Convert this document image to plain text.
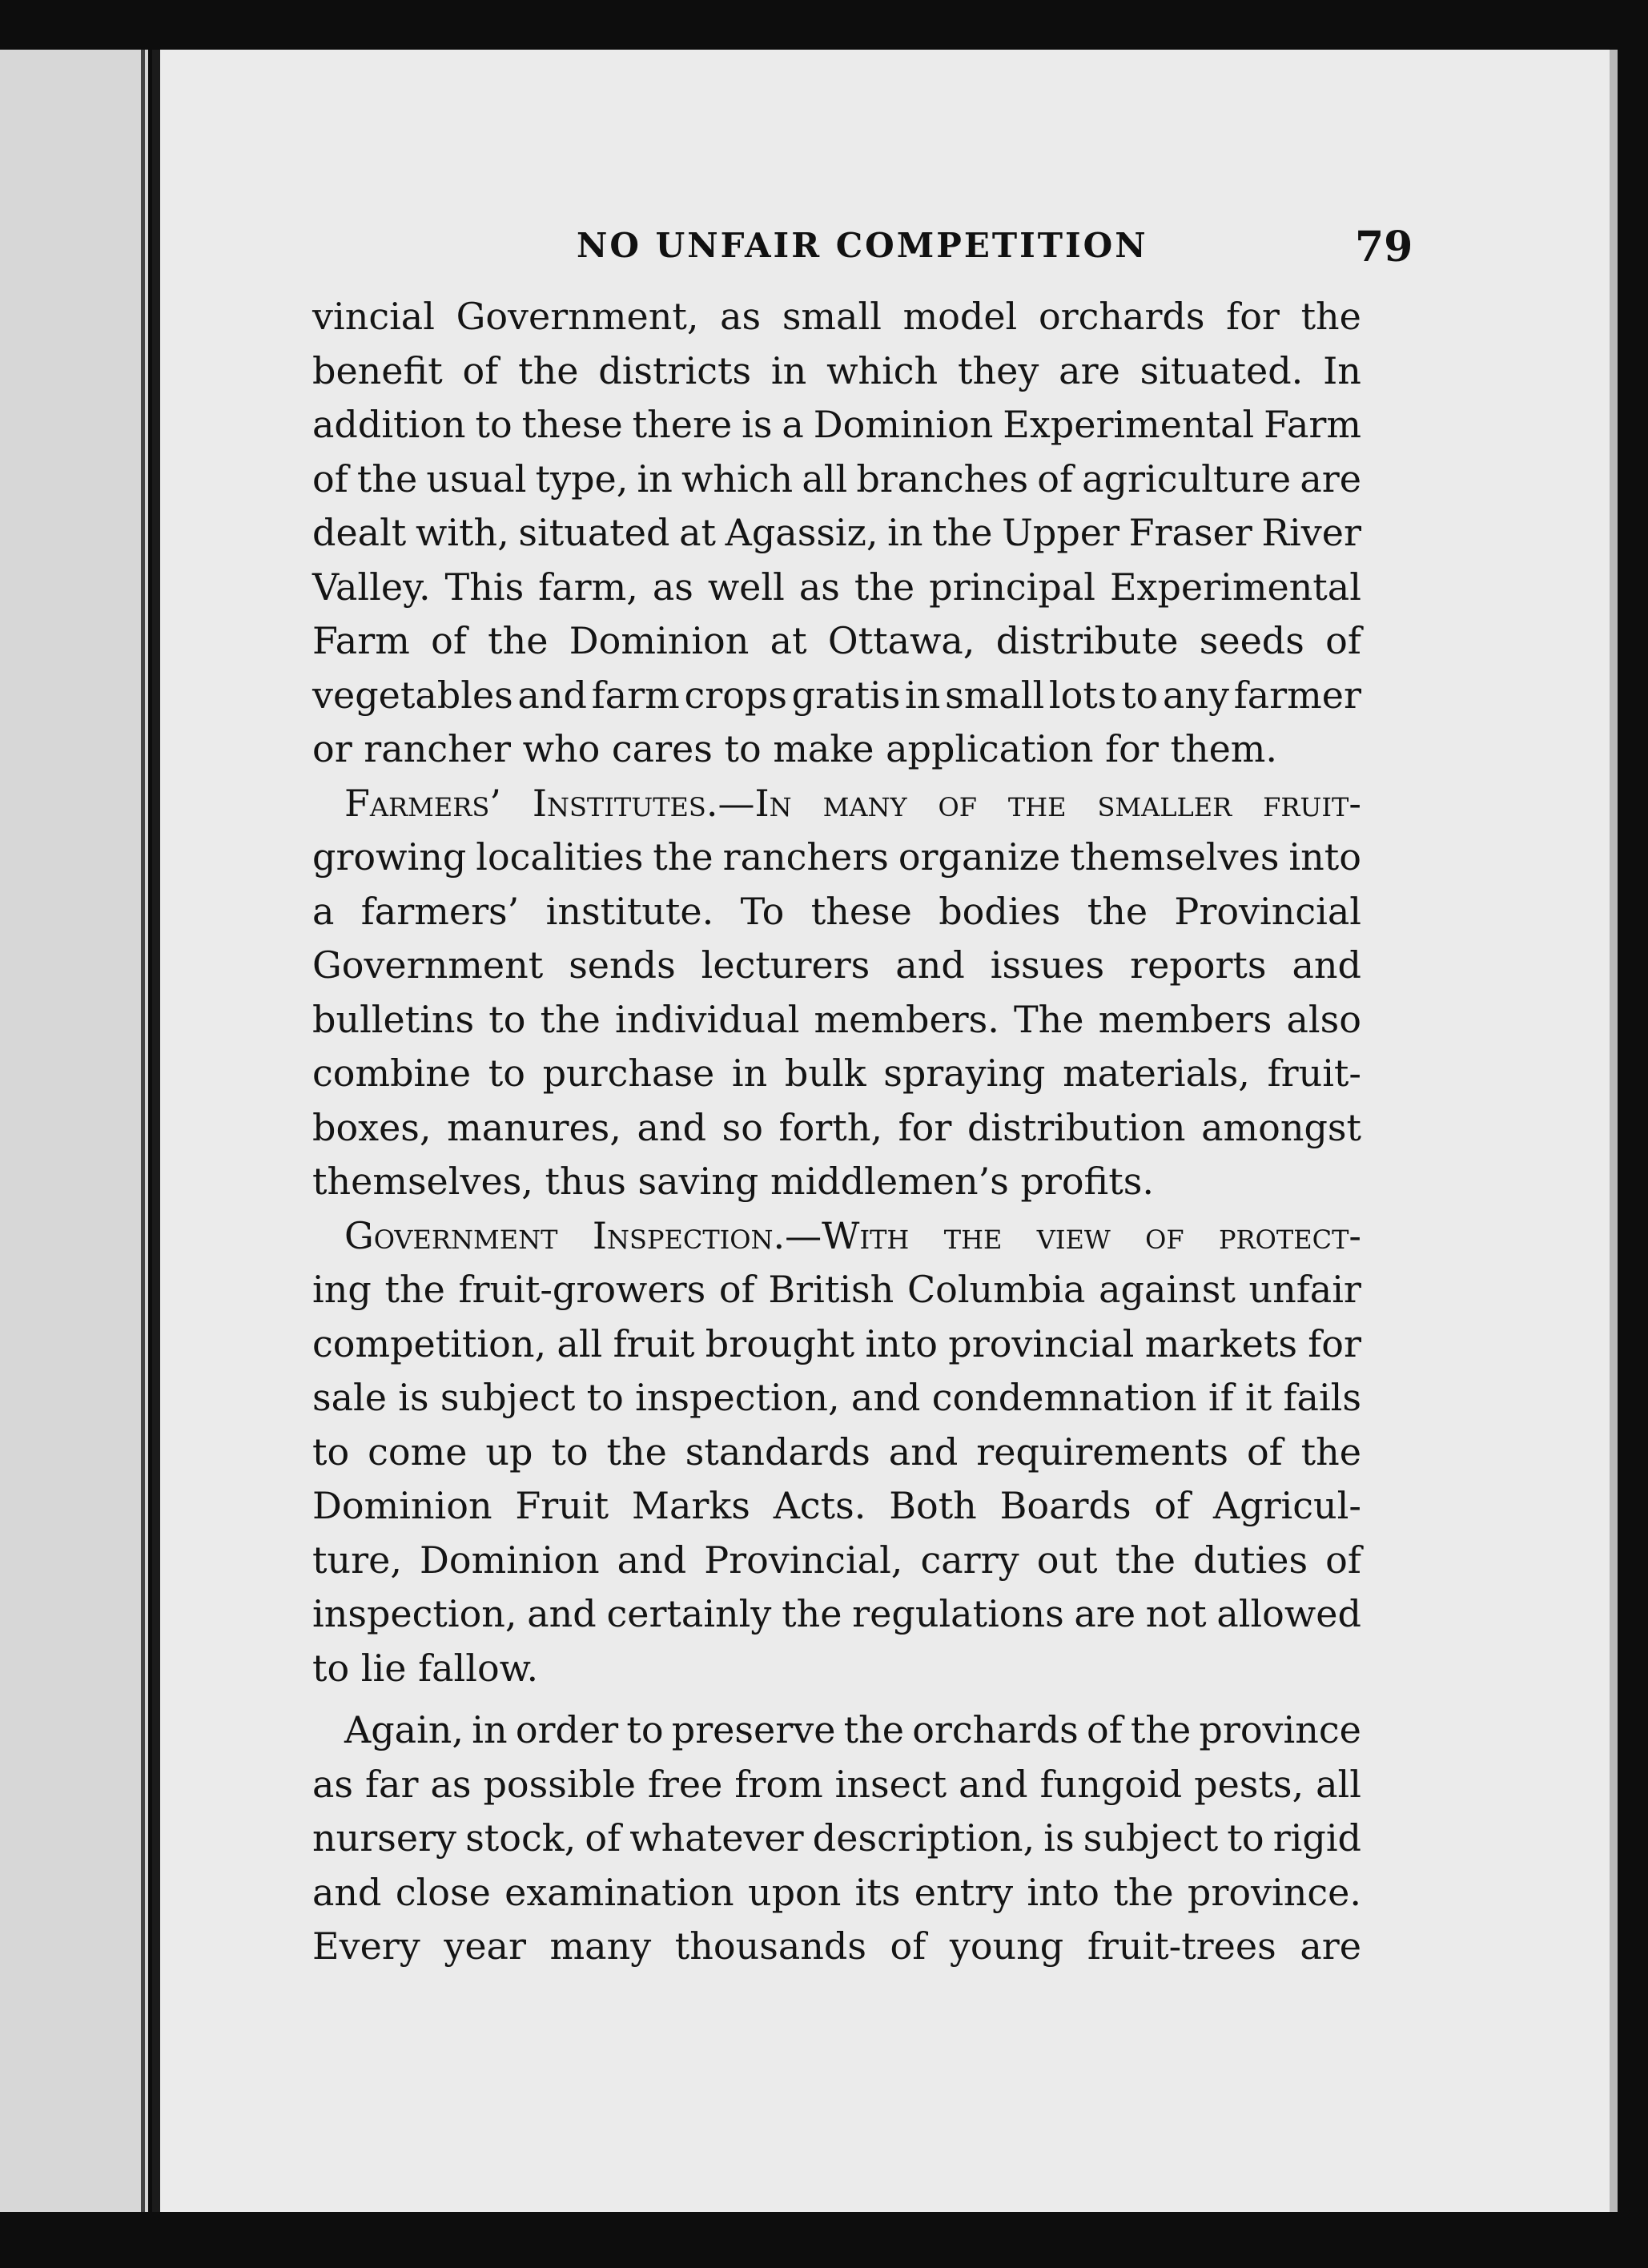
NO UNFAIR COMPETITION	79
vincial Government, as small model orchards for the
benefit of the districts in which they are situated. In
addition to these there is a Dominion Experimental Farm
of the usual type, in which all branches of agriculture are
dealt with, situated at Agassiz, in the Upper Fraser River
Valley. This farm, as well as the principal Experimental
Farm of the Dominion at Ottawa, distribute seeds of
vegetables and farm crops gratis in small lots to any farmer
or rancher who cares to make application for them.
Farmers’ Institutes.—In many of the smaller fruit-
growing localities the ranchers organize themselves into
a farmers’ institute. To these bodies the Provincial
Government sends lecturers and issues reports and
bulletins to the individual members. The members also
combine to purchase in bulk spraying materials, fruit-
boxes, manures, and so forth, for distribution amongst
themselves, thus saving middlemen’s profits.
Government Inspection.—With the view of protect-
ing the fruit-growers of British Columbia against unfair
competition, all fruit brought into provincial markets for
sale is subject to inspection, and condemnation if it fails
to come up to the standards and requirements of the
Dominion Fruit Marks Acts. Both Boards of Agricul-
ture, Dominion and Provincial, carry out the duties of
inspection, and certainly the regulations are not allowed
to lie fallow.
Again, in order to preserve the orchards of the province
as far as possible free from insect and fungoid pests, all
nursery stock, of whatever description, is subject to rigid
and close examination upon its entry into the province.
Every year many thousands of young fruit-trees are
